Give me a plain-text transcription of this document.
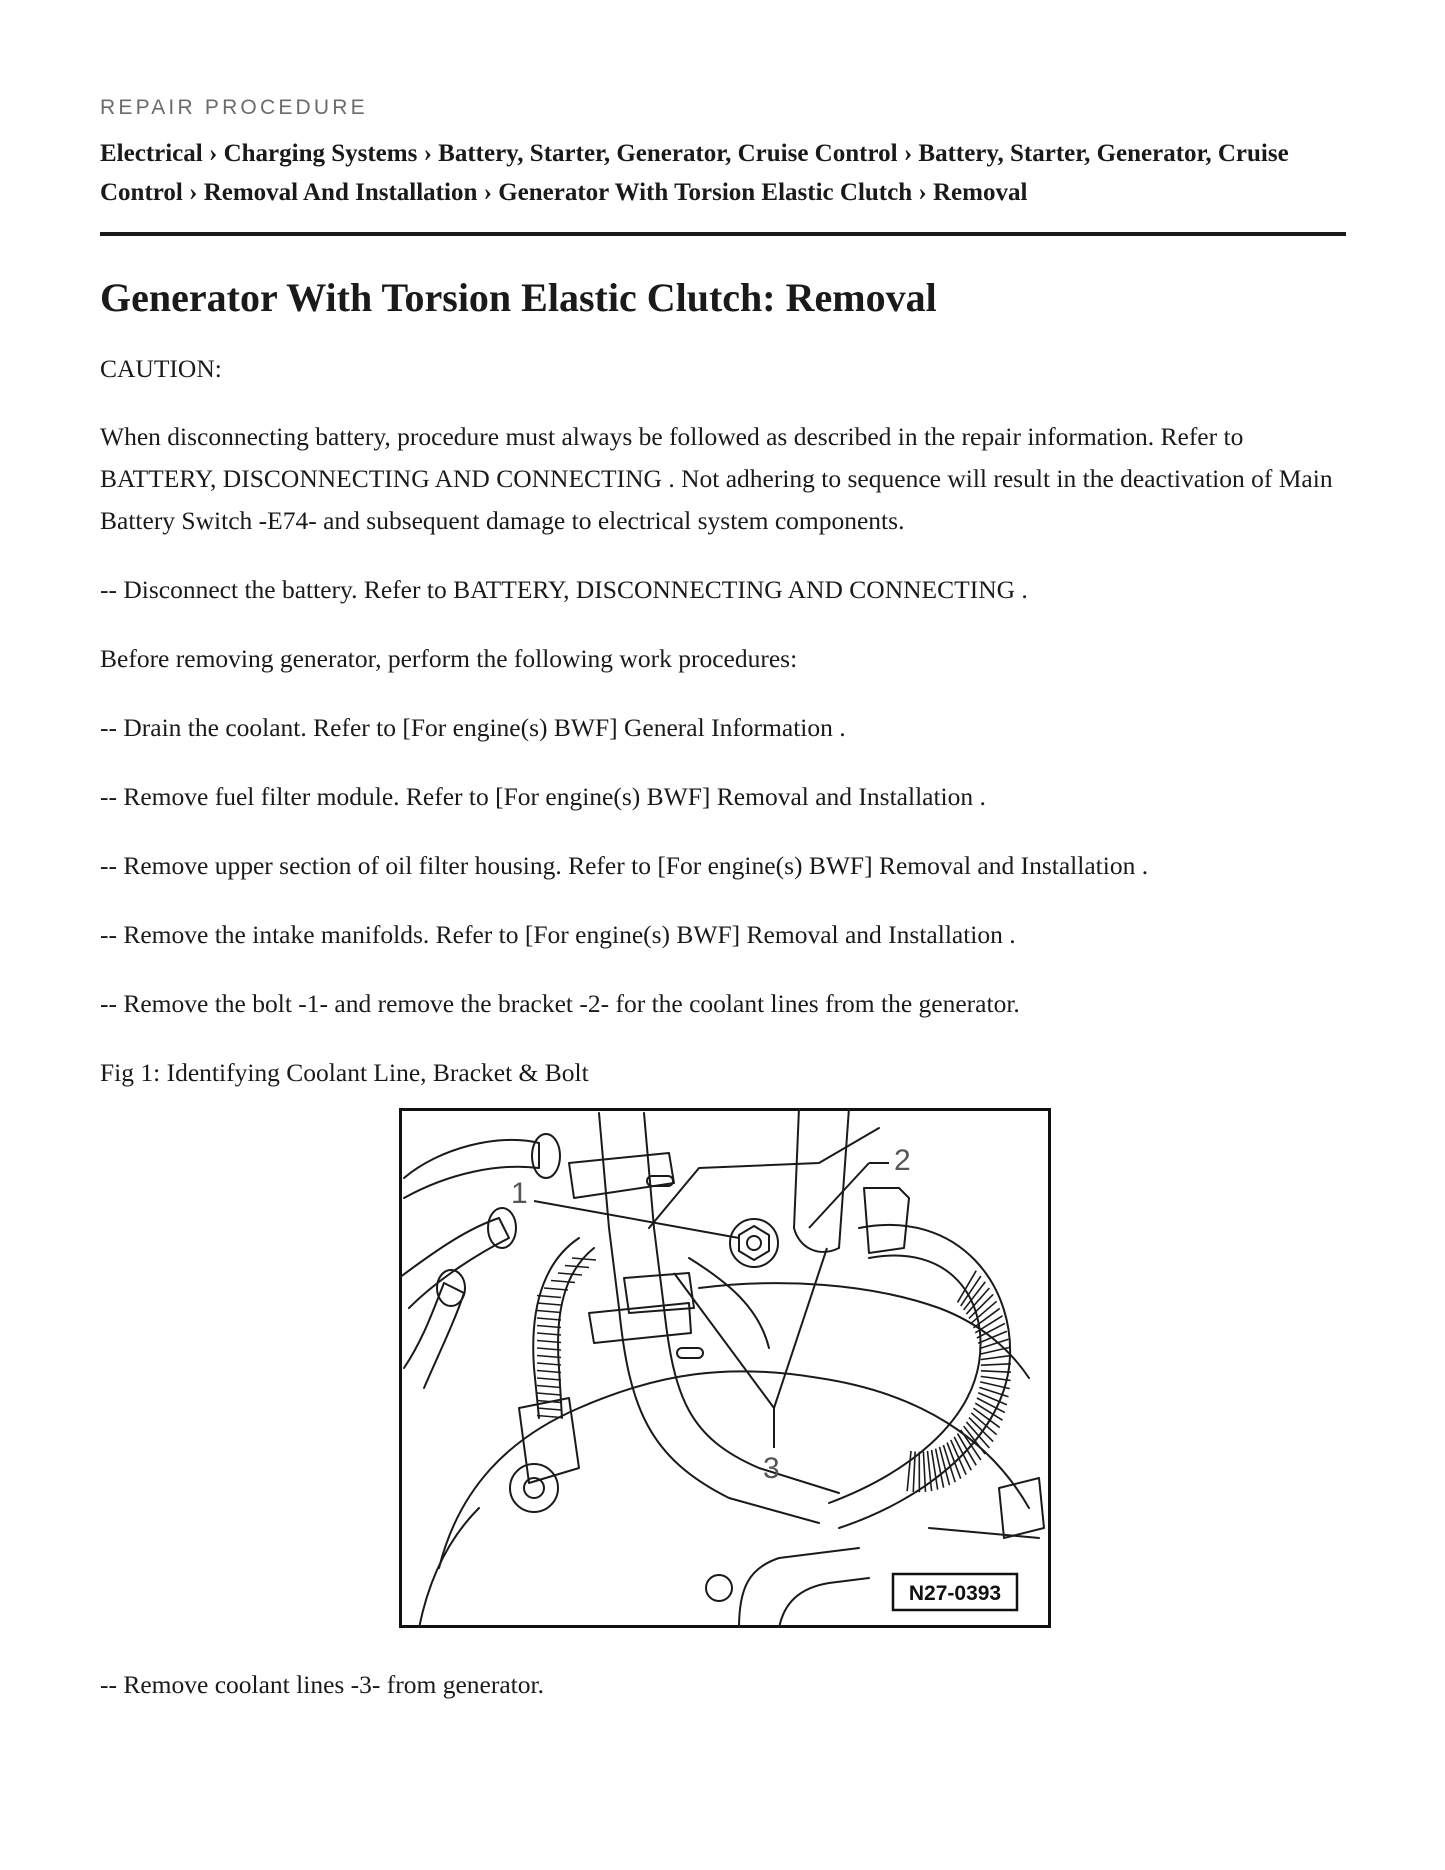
REPAIR PROCEDURE

Electrical › Charging Systems › Battery, Starter, Generator, Cruise Control › Battery, Starter, Generator, Cruise Control › Removal And Installation › Generator With Torsion Elastic Clutch › Removal
Generator With Torsion Elastic Clutch: Removal

CAUTION:

When disconnecting battery, procedure must always be followed as described in the repair information. Refer to BATTERY, DISCONNECTING AND CONNECTING . Not adhering to sequence will result in the deactivation of Main Battery Switch -E74- and subsequent damage to electrical system components.

-- Disconnect the battery. Refer to BATTERY, DISCONNECTING AND CONNECTING .

Before removing generator, perform the following work procedures:

-- Drain the coolant. Refer to [For engine(s) BWF] General Information .

-- Remove fuel filter module. Refer to [For engine(s) BWF] Removal and Installation .

-- Remove upper section of oil filter housing. Refer to [For engine(s) BWF] Removal and Installation .

-- Remove the intake manifolds. Refer to [For engine(s) BWF] Removal and Installation .

-- Remove the bolt -1- and remove the bracket -2- for the coolant lines from the generator.

Fig 1: Identifying Coolant Line, Bracket & Bolt

1
2
3
N27-0393

-- Remove coolant lines -3- from generator.
